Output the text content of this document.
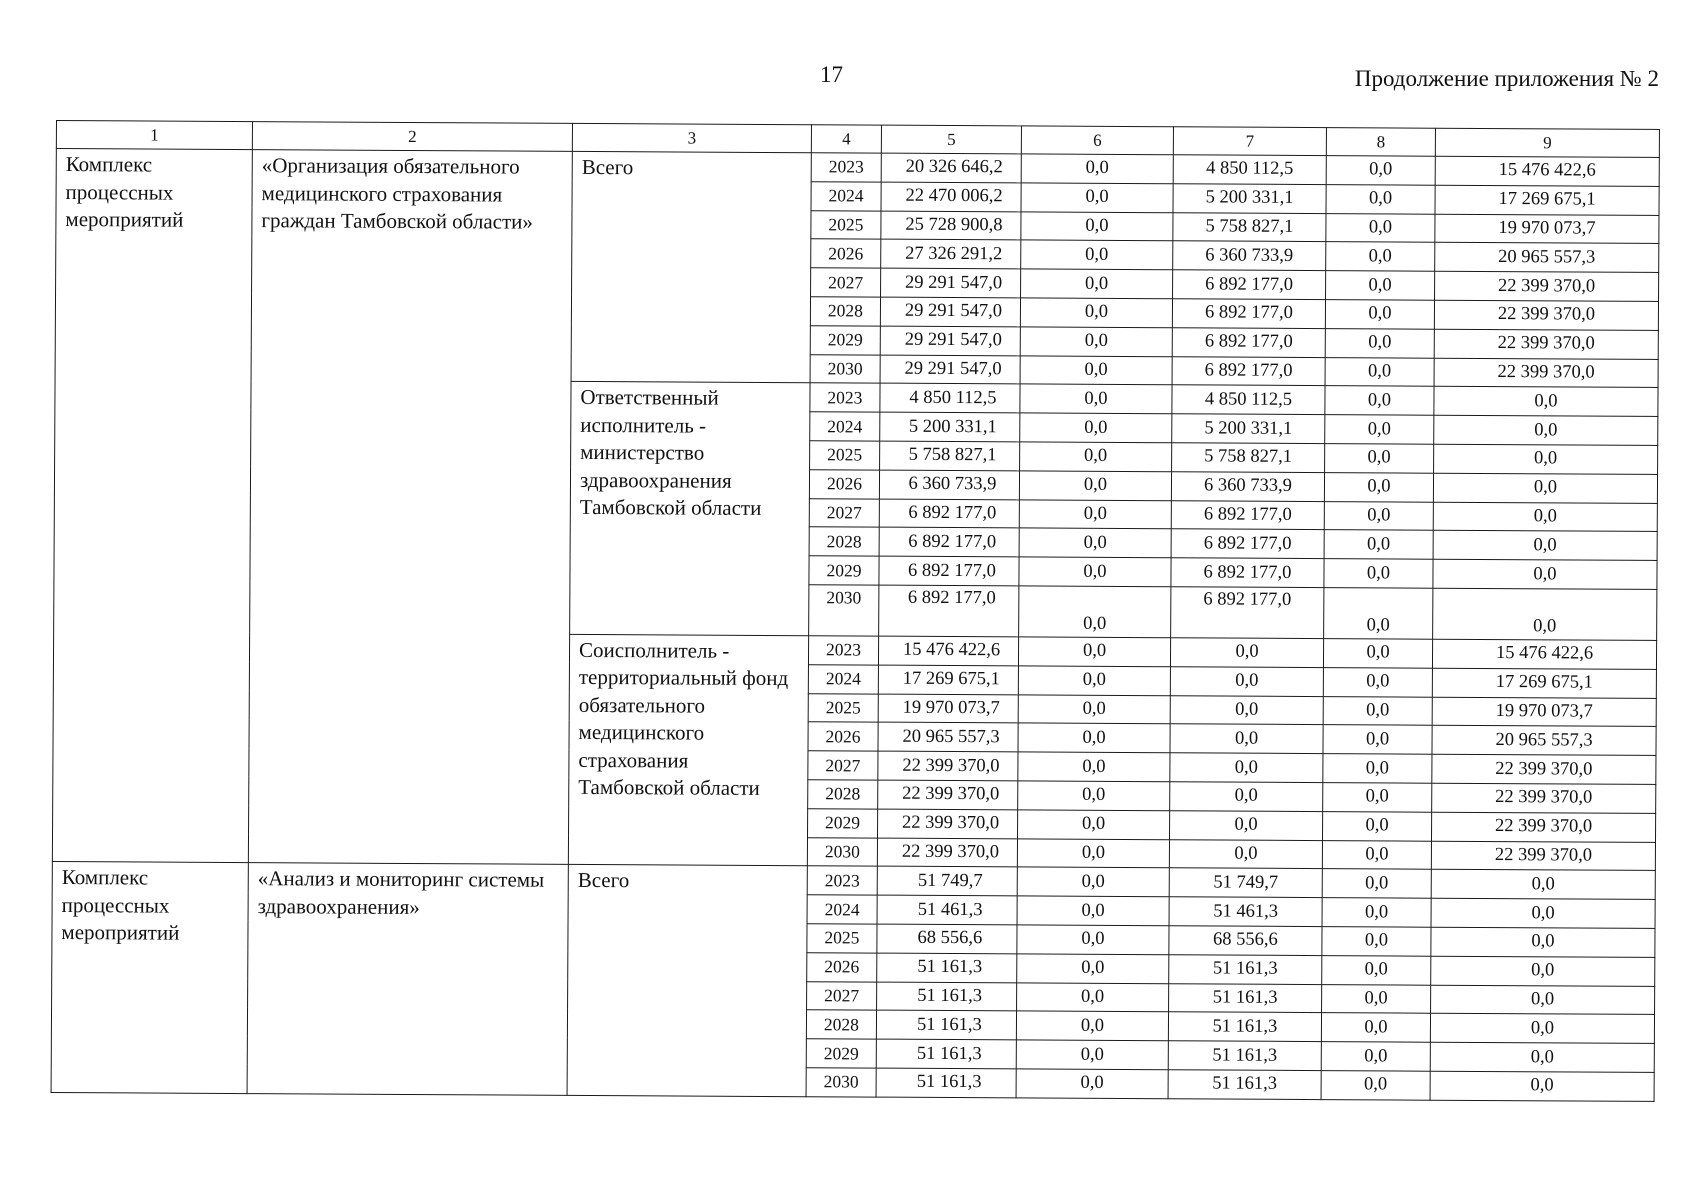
17	Продолжение приложения № 2
1	2	3	4	5	6	7	8	9
Комплекс процессных мероприятий	«Организация обязательного медицинского страхования граждан Тамбовской области»	Всего	2023	20 326 646,2	0,0	4 850 112,5	0,0	15 476 422,6
			2024	22 470 006,2	0,0	5 200 331,1	0,0	17 269 675,1
			2025	25 728 900,8	0,0	5 758 827,1	0,0	19 970 073,7
			2026	27 326 291,2	0,0	6 360 733,9	0,0	20 965 557,3
			2027	29 291 547,0	0,0	6 892 177,0	0,0	22 399 370,0
			2028	29 291 547,0	0,0	6 892 177,0	0,0	22 399 370,0
			2029	29 291 547,0	0,0	6 892 177,0	0,0	22 399 370,0
			2030	29 291 547,0	0,0	6 892 177,0	0,0	22 399 370,0
		Ответственный исполнитель - министерство здравоохранения Тамбовской области	2023	4 850 112,5	0,0	4 850 112,5	0,0	0,0
			2024	5 200 331,1	0,0	5 200 331,1	0,0	0,0
			2025	5 758 827,1	0,0	5 758 827,1	0,0	0,0
			2026	6 360 733,9	0,0	6 360 733,9	0,0	0,0
			2027	6 892 177,0	0,0	6 892 177,0	0,0	0,0
			2028	6 892 177,0	0,0	6 892 177,0	0,0	0,0
			2029	6 892 177,0	0,0	6 892 177,0	0,0	0,0
			2030	6 892 177,0	0,0	6 892 177,0	0,0	0,0
		Соисполнитель - территориальный фонд обязательного медицинского страхования Тамбовской области	2023	15 476 422,6	0,0	0,0	0,0	15 476 422,6
			2024	17 269 675,1	0,0	0,0	0,0	17 269 675,1
			2025	19 970 073,7	0,0	0,0	0,0	19 970 073,7
			2026	20 965 557,3	0,0	0,0	0,0	20 965 557,3
			2027	22 399 370,0	0,0	0,0	0,0	22 399 370,0
			2028	22 399 370,0	0,0	0,0	0,0	22 399 370,0
			2029	22 399 370,0	0,0	0,0	0,0	22 399 370,0
			2030	22 399 370,0	0,0	0,0	0,0	22 399 370,0
Комплекс процессных мероприятий	«Анализ и мониторинг системы здравоохранения»	Всего	2023	51 749,7	0,0	51 749,7	0,0	0,0
			2024	51 461,3	0,0	51 461,3	0,0	0,0
			2025	68 556,6	0,0	68 556,6	0,0	0,0
			2026	51 161,3	0,0	51 161,3	0,0	0,0
			2027	51 161,3	0,0	51 161,3	0,0	0,0
			2028	51 161,3	0,0	51 161,3	0,0	0,0
			2029	51 161,3	0,0	51 161,3	0,0	0,0
			2030	51 161,3	0,0	51 161,3	0,0	0,0
